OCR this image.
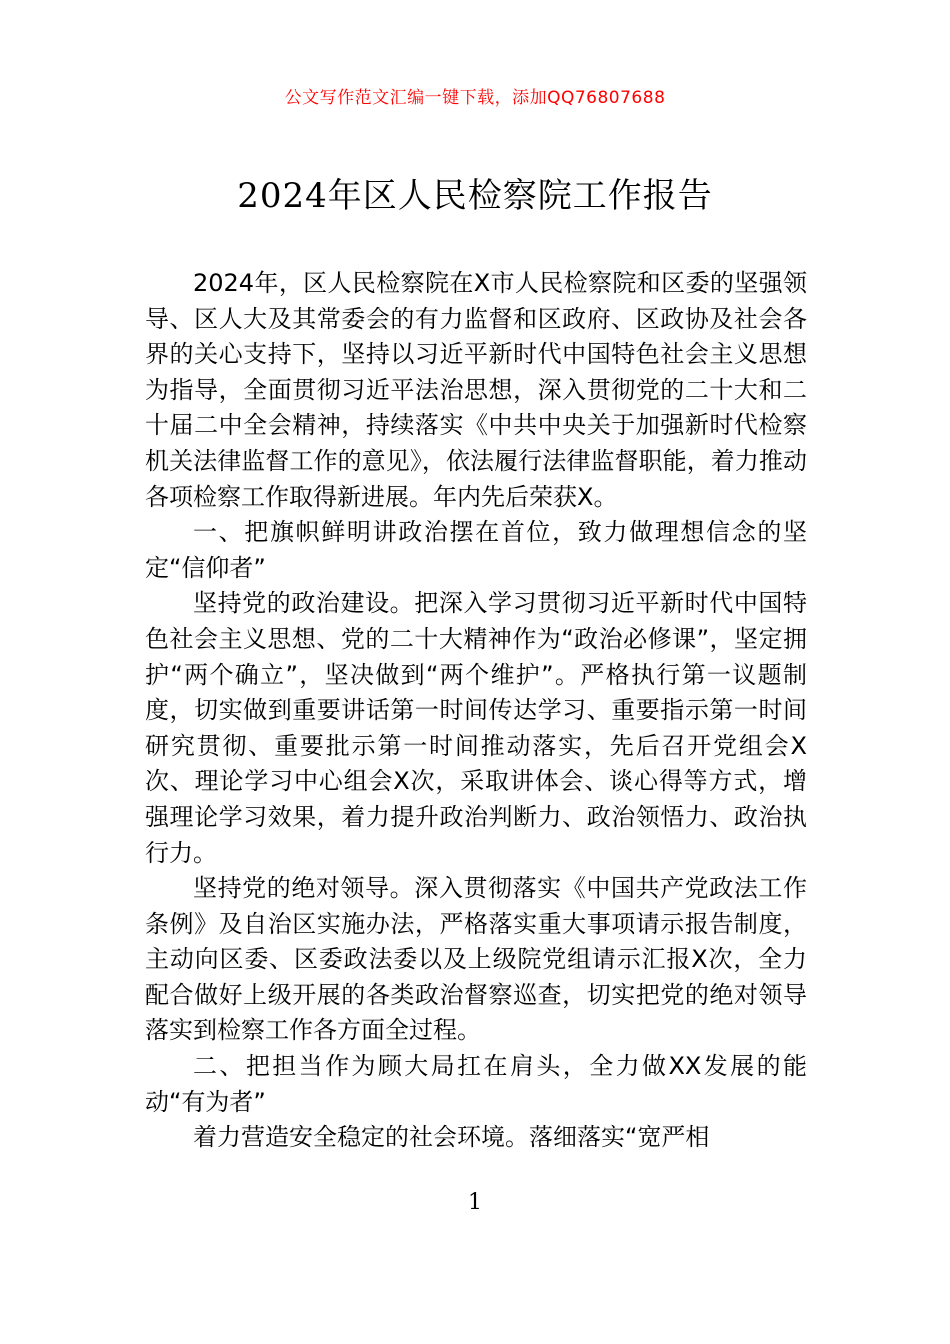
公文写作范文汇编一键下载，添加QQ76807688
2024年区人民检察院工作报告

2024年，区人民检察院在X市人民检察院和区委的坚强领导、区人大及其常委会的有力监督和区政府、区政协及社会各界的关心支持下，坚持以习近平新时代中国特色社会主义思想为指导，全面贯彻习近平法治思想，深入贯彻党的二十大和二十届二中全会精神，持续落实《中共中央关于加强新时代检察机关法律监督工作的意见》，依法履行法律监督职能，着力推动各项检察工作取得新进展。年内先后荣获X。

一、把旗帜鲜明讲政治摆在首位，致力做理想信念的坚定“信仰者”

坚持党的政治建设。把深入学习贯彻习近平新时代中国特色社会主义思想、党的二十大精神作为“政治必修课”，坚定拥护“两个确立”，坚决做到“两个维护”。严格执行第一议题制度，切实做到重要讲话第一时间传达学习、重要指示第一时间研究贯彻、重要批示第一时间推动落实，先后召开党组会X次、理论学习中心组会X次，采取讲体会、谈心得等方式，增强理论学习效果，着力提升政治判断力、政治领悟力、政治执行力。

坚持党的绝对领导。深入贯彻落实《中国共产党政法工作条例》及自治区实施办法，严格落实重大事项请示报告制度，主动向区委、区委政法委以及上级院党组请示汇报X次，全力配合做好上级开展的各类政治督察巡查，切实把党的绝对领导落实到检察工作各方面全过程。

二、把担当作为顾大局扛在肩头，全力做XX发展的能动“有为者”

着力营造安全稳定的社会环境。落细落实“宽严相

1
